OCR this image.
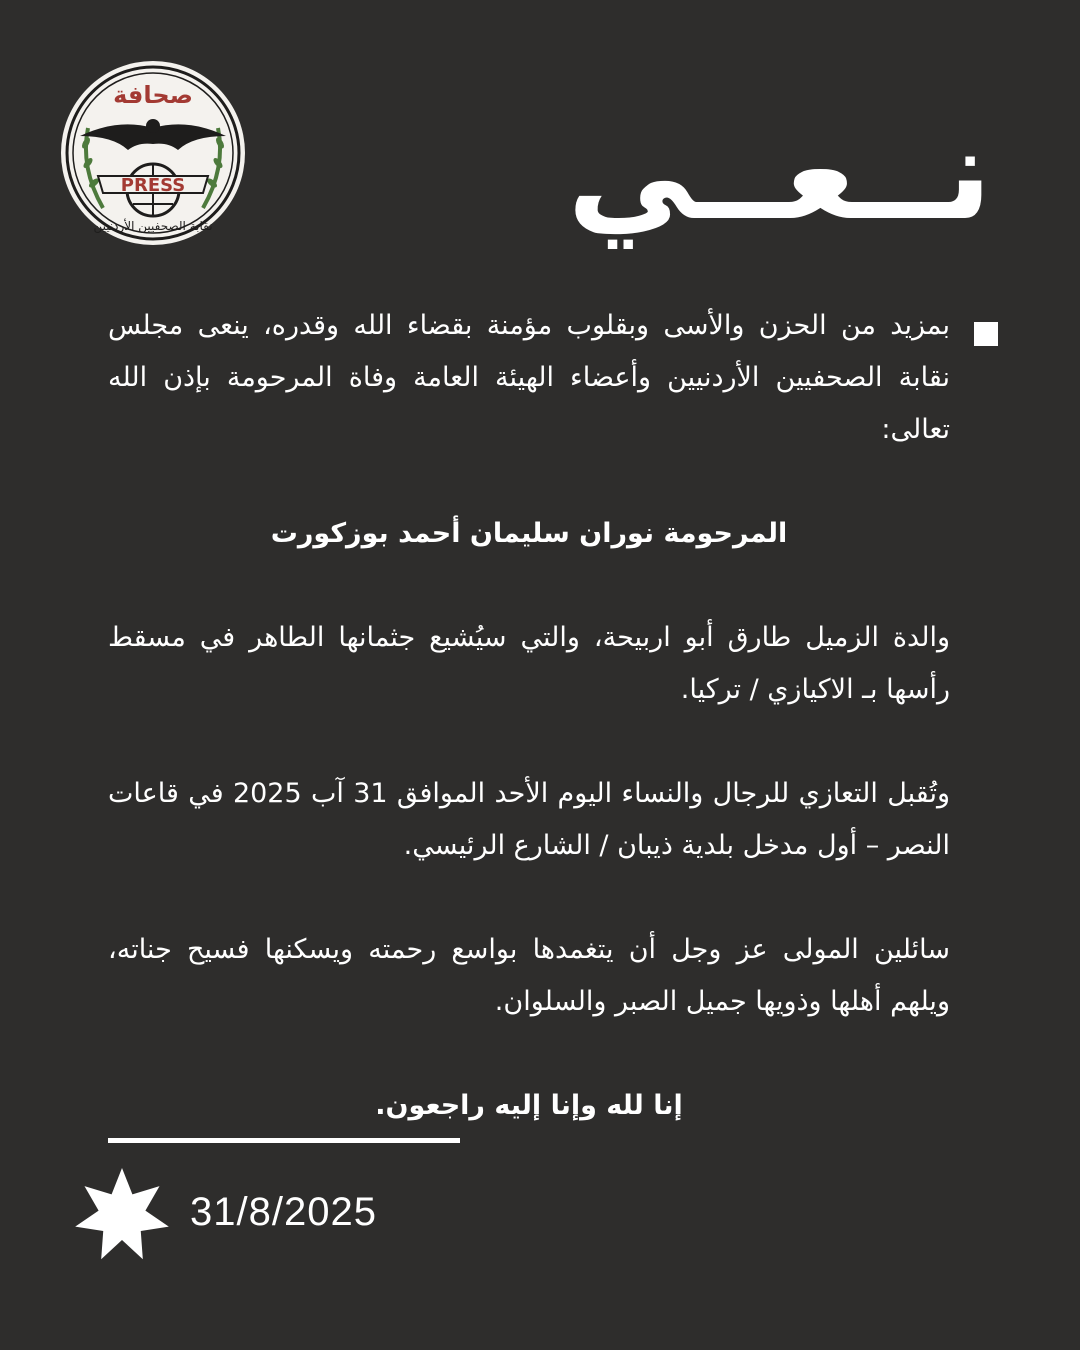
PRESS
صحافة
نقابة الصحفيين الأردنيين	نــعــي

بمزيد من الحزن والأسى وبقلوب مؤمنة بقضاء الله وقدره، ينعى مجلس نقابة الصحفيين الأردنيين وأعضاء الهيئة العامة وفاة المرحومة بإذن الله تعالى:

المرحومة نوران سليمان أحمد بوزكورت

والدة الزميل طارق أبو اربيحة، والتي سيُشيع جثمانها الطاهر في مسقط رأسها بـ الاكيازي / تركيا.

وتُقبل التعازي للرجال والنساء اليوم الأحد الموافق 31 آب 2025 في قاعات النصر – أول مدخل بلدية ذيبان / الشارع الرئيسي.

سائلين المولى عز وجل أن يتغمدها بواسع رحمته ويسكنها فسيح جناته، ويلهم أهلها وذويها جميل الصبر والسلوان.

إنا لله وإنا إليه راجعون.

31/8/2025
